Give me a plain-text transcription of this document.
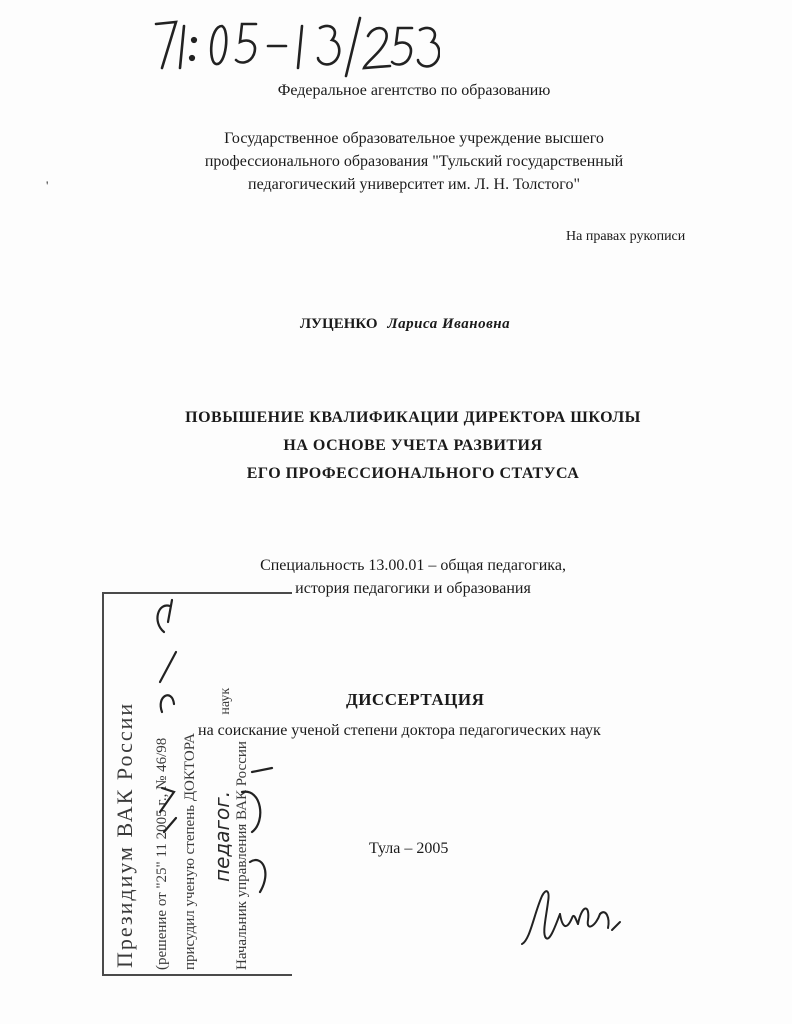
Федеральное агентство по образованию
Государственное образовательное учреждение высшего
профессионального образования "Тульский государственный
педагогический университет им. Л. Н. Толстого"
'
На правах рукописи
ЛУЦЕНКО Лариса Ивановна
ПОВЫШЕНИЕ КВАЛИФИКАЦИИ ДИРЕКТОРА ШКОЛЫ
НА ОСНОВЕ УЧЕТА РАЗВИТИЯ
ЕГО ПРОФЕССИОНАЛЬНОГО СТАТУСА
Специальность 13.00.01 – общая педагогика,
история педагогики и образования
ДИССЕРТАЦИЯ
на соискание ученой степени доктора педагогических наук
Тула – 2005
Президиум ВАК России (решение от "25" 11 2005 г., № 46/98 присудил ученую степень ДОКТОРА педагог. наук
Начальник управления ВАК России
